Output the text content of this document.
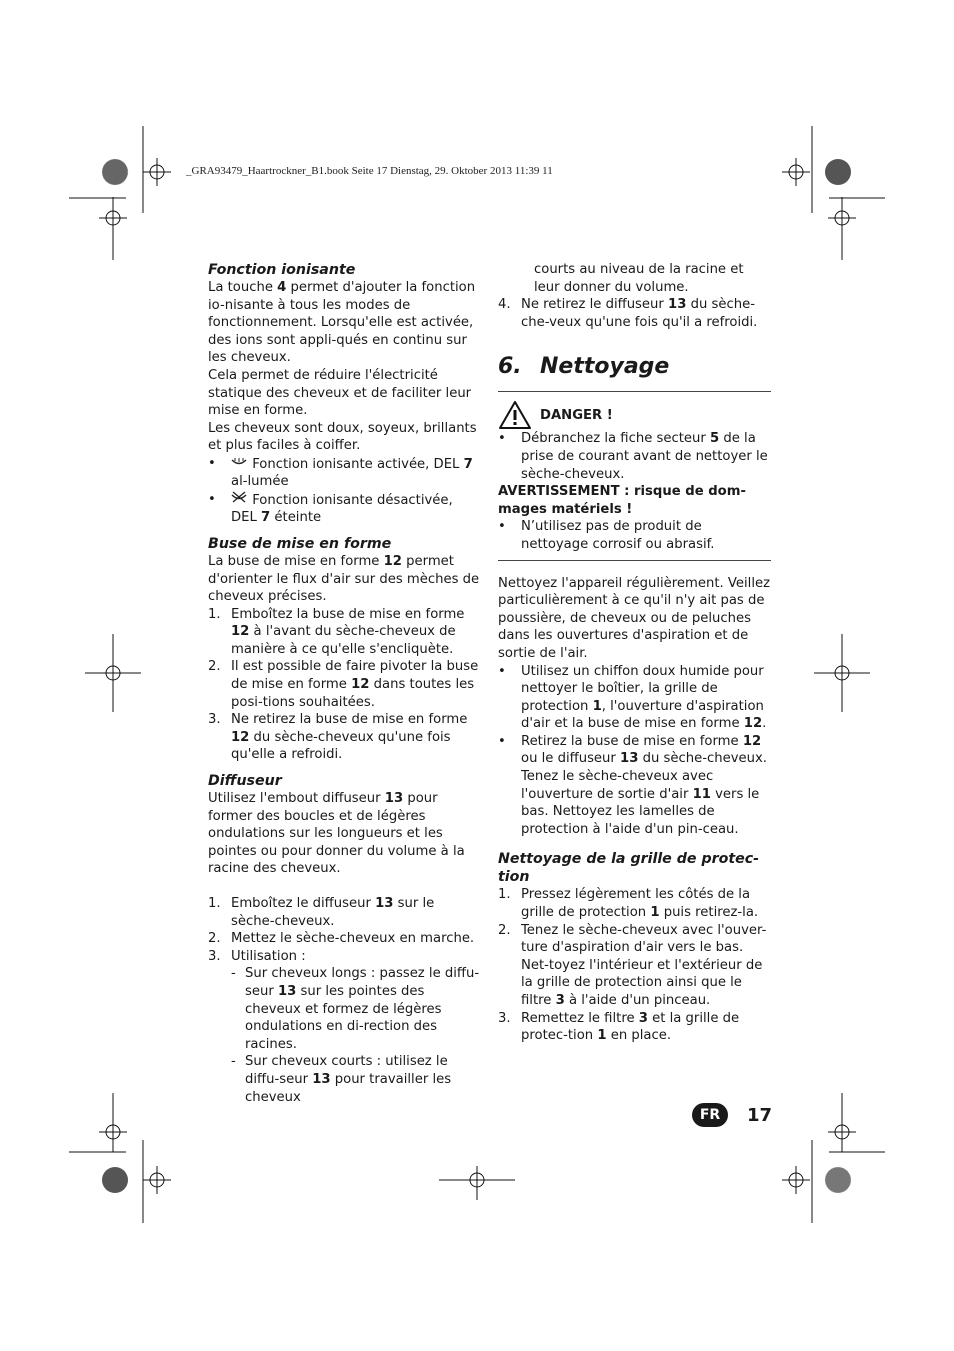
_GRA93479_Haartrockner_B1.book Seite 17 Dienstag, 29. Oktober 2013 11:39 11
Fonction ionisante

La touche 4 permet d'ajouter la fonction io-nisante à tous les modes de fonctionnement. Lorsqu'elle est activée, des ions sont appli-qués en continu sur les cheveux.

Cela permet de réduire l'électricité statique des cheveux et de faciliter leur mise en forme.

Les cheveux sont doux, soyeux, brillants et plus faciles à coiffer.

•	Fonction ionisante activée, DEL 7 al-lumée
•	Fonction ionisante désactivée, DEL 7 éteinte
Buse de mise en forme

La buse de mise en forme 12 permet d'orienter le flux d'air sur des mèches de cheveux précises.

1. Emboîtez la buse de mise en forme 12 à l'avant du sèche-cheveux de manière à ce qu'elle s'encliquète.
2. Il est possible de faire pivoter la buse de mise en forme 12 dans toutes les posi-tions souhaitées.
3. Ne retirez la buse de mise en forme 12 du sèche-cheveux qu'une fois qu'elle a refroidi.
Diffuseur

Utilisez l'embout diffuseur 13 pour former des boucles et de légères ondulations sur les longueurs et les pointes ou pour donner du volume à la racine des cheveux.

1. Emboîtez le diffuseur 13 sur le sèche-cheveux.
2. Mettez le sèche-cheveux en marche.
3. Utilisation :
- Sur cheveux longs : passez le diffu-seur 13 sur les pointes des cheveux et formez de légères ondulations en di-rection des racines.
- Sur cheveux courts : utilisez le diffu-seur 13 pour travailler les cheveux

courts au niveau de la racine et leur donner du volume.

4. Ne retirez le diffuseur 13 du sèche-che-veux qu'une fois qu'il a refroidi.
6. Nettoyage
DANGER !
•	Débranchez la fiche secteur 5 de la prise de courant avant de nettoyer le sèche-cheveux.

AVERTISSEMENT : risque de dom-mages matériels !

•	N’utilisez pas de produit de nettoyage corrosif ou abrasif.

Nettoyez l'appareil régulièrement. Veillez particulièrement à ce qu'il n'y ait pas de poussière, de cheveux ou de peluches dans les ouvertures d'aspiration et de sortie de l'air.

•	Utilisez un chiffon doux humide pour nettoyer le boîtier, la grille de protection 1, l'ouverture d'aspiration d'air et la buse de mise en forme 12.
•	Retirez la buse de mise en forme 12 ou le diffuseur 13 du sèche-cheveux. Tenez le sèche-cheveux avec l'ouverture de sortie d'air 11 vers le bas. Nettoyez les lamelles de protection à l'aide d'un pin-ceau.
Nettoyage de la grille de protec-tion
1. Pressez légèrement les côtés de la grille de protection 1 puis retirez-la.
2. Tenez le sèche-cheveux avec l'ouver-ture d'aspiration d'air vers le bas. Net-toyez l'intérieur et l'extérieur de la grille de protection ainsi que le filtre 3 à l'aide d'un pinceau.
3. Remettez le filtre 3 et la grille de protec-tion 1 en place.
FR	17
